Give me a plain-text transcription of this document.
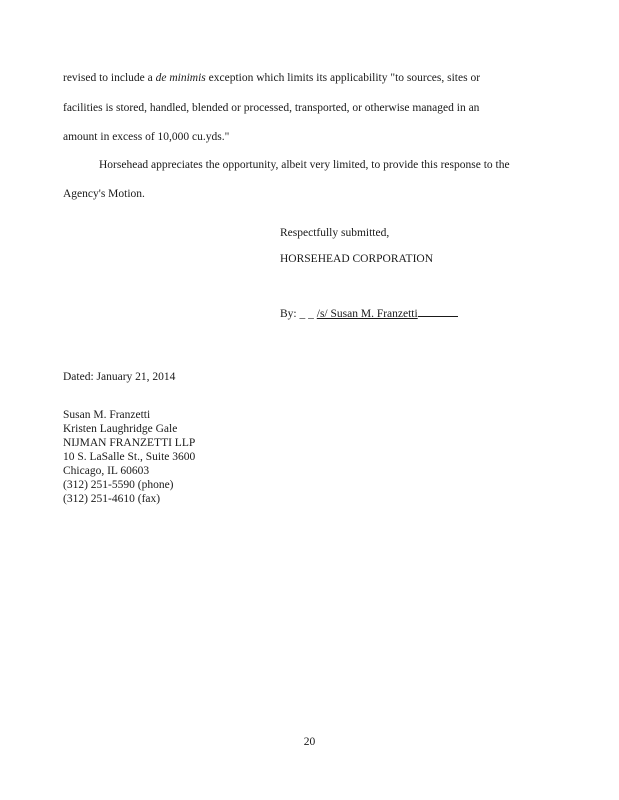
revised to include a de minimis exception which limits its applicability "to sources, sites or
facilities is stored, handled, blended or processed, transported, or otherwise managed in an
amount in excess of 10,000 cu.yds."
Horsehead appreciates the opportunity, albeit very limited, to provide this response to the
Agency's Motion.
Respectfully submitted,
HORSEHEAD CORPORATION
By: _ _ /s/ Susan M. Franzetti
Dated: January 21, 2014
Susan M. Franzetti
Kristen Laughridge Gale
NIJMAN FRANZETTI LLP
10 S. LaSalle St., Suite 3600
Chicago, IL 60603
(312) 251-5590 (phone)
(312) 251-4610 (fax)
20
